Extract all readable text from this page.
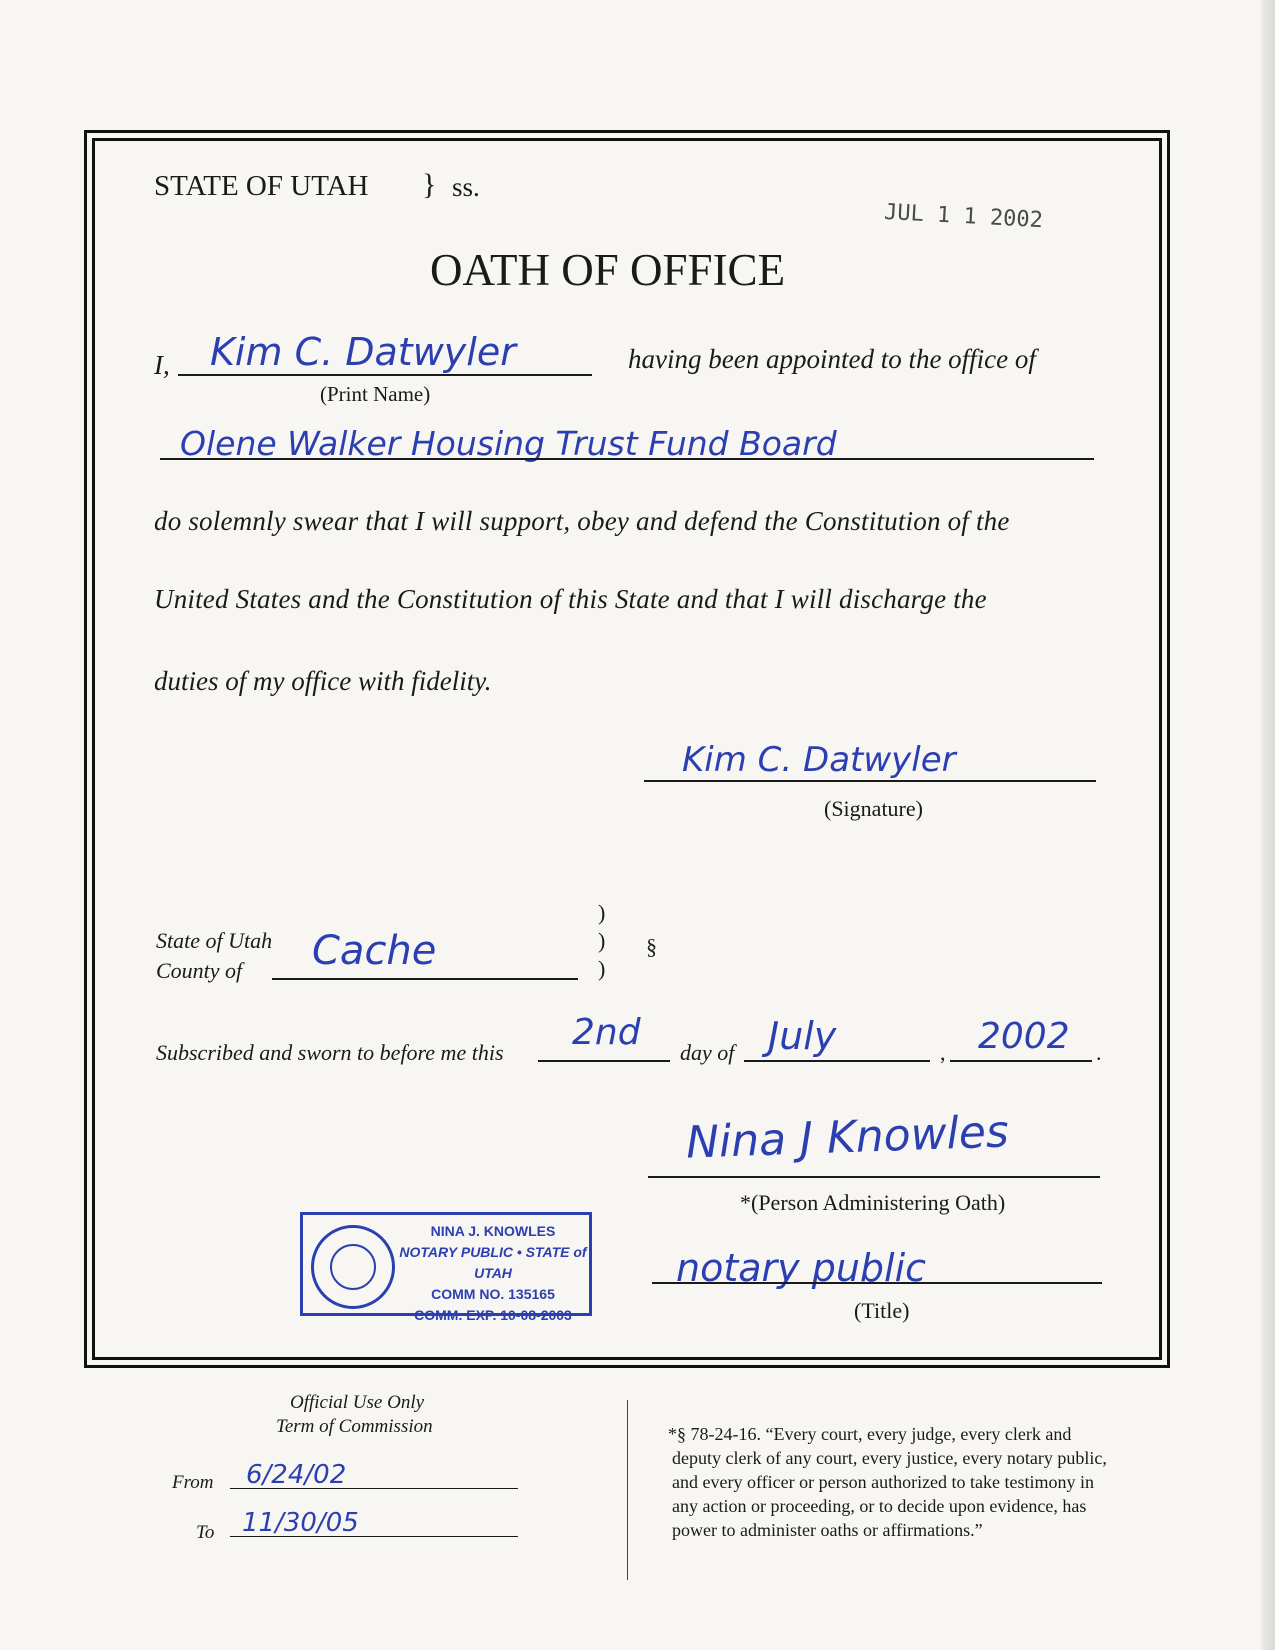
STATE OF UTAH } ss.
JUL 1 1 2002
OATH OF OFFICE
I, Kim C. Datwyler
(Print Name)
having been appointed to the office of
Olene Walker Housing Trust Fund Board
do solemnly swear that I will support, obey and defend the Constitution of the
United States and the Constitution of this State and that I will discharge the
duties of my office with fidelity.
Kim C. Datwyler
(Signature)
State of Utah
County of Cache
)
)
)
§
Subscribed and sworn to before me this 2nd day of July	, 2002 .
Nina J Knowles
*(Person Administering Oath)
notary public
(Title)
NINA J. KNOWLES
NOTARY PUBLIC • STATE of UTAH
COMM NO. 135165
COMM. EXP. 10-08-2003
Official Use Only
Term of Commission
From 6/24/02
To 11/30/05
*§ 78-24-16. “Every court, every judge, every clerk and
deputy clerk of any court, every justice, every notary public,
and every officer or person authorized to take testimony in
any action or proceeding, or to decide upon evidence, has
power to administer oaths or affirmations.”
